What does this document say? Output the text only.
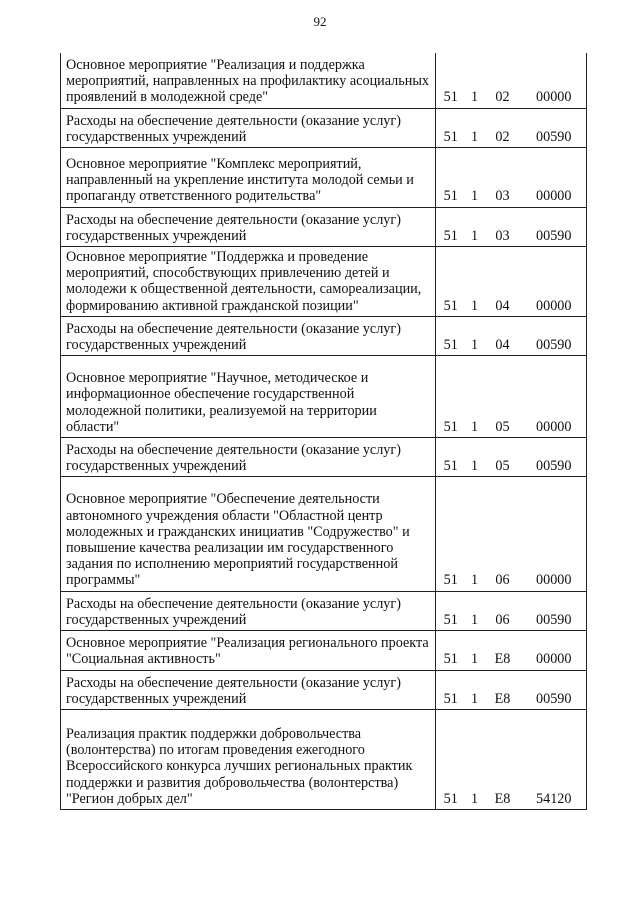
92
Основное мероприятие "Реализация и поддержка мероприятий, направленных на профилактику асоциальных проявлений в молодежной среде"	51	1	02	00000
Расходы на обеспечение деятельности (оказание услуг) государственных учреждений	51	1	02	00590
Основное мероприятие "Комплекс мероприятий, направленный на укрепление института молодой семьи и пропаганду ответственного родительства"	51	1	03	00000
Расходы на обеспечение деятельности (оказание услуг) государственных учреждений	51	1	03	00590
Основное мероприятие "Поддержка и проведение мероприятий, способствующих привлечению детей и молодежи к общественной деятельности, самореализации, формированию активной гражданской позиции"	51	1	04	00000
Расходы на обеспечение деятельности (оказание услуг) государственных учреждений	51	1	04	00590
Основное мероприятие "Научное, методическое и информационное обеспечение государственной молодежной политики, реализуемой на территории области"	51	1	05	00000
Расходы на обеспечение деятельности (оказание услуг) государственных учреждений	51	1	05	00590
Основное мероприятие "Обеспечение деятельности автономного учреждения области "Областной центр молодежных и гражданских инициатив "Содружество" и повышение качества реализации им государственного задания по исполнению мероприятий государственной программы"	51	1	06	00000
Расходы на обеспечение деятельности (оказание услуг) государственных учреждений	51	1	06	00590
Основное мероприятие "Реализация регионального проекта "Социальная активность"	51	1	E8	00000
Расходы на обеспечение деятельности (оказание услуг) государственных учреждений	51	1	E8	00590
Реализация практик поддержки добровольчества (волонтерства) по итогам проведения ежегодного Всероссийского конкурса лучших региональных практик поддержки и развития добровольчества (волонтерства) "Регион добрых дел"	51	1	E8	54120
